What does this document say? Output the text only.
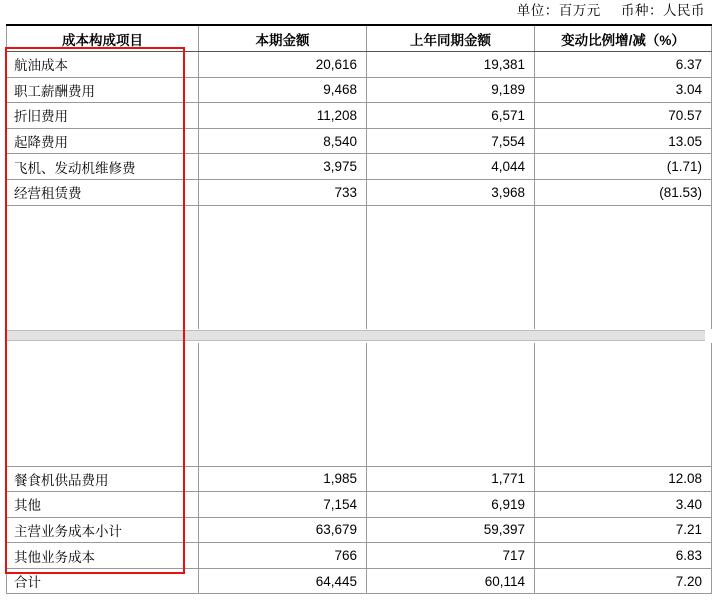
单位：百万元 币种：人民币
成本构成项目	本期金额	上年同期金额	变动比例增/减（%）
航油成本	20,616	19,381	6.37
职工薪酬费用	9,468	9,189	3.04
折旧费用	11,208	6,571	70.57
起降费用	8,540	7,554	13.05
飞机、发动机维修费	3,975	4,044	(1.71)
经营租赁费	733	3,968	(81.53)

餐食机供品费用	1,985	1,771	12.08
其他	7,154	6,919	3.40
主营业务成本小计	63,679	59,397	7.21
其他业务成本	766	717	6.83
合计	64,445	60,114	7.20
